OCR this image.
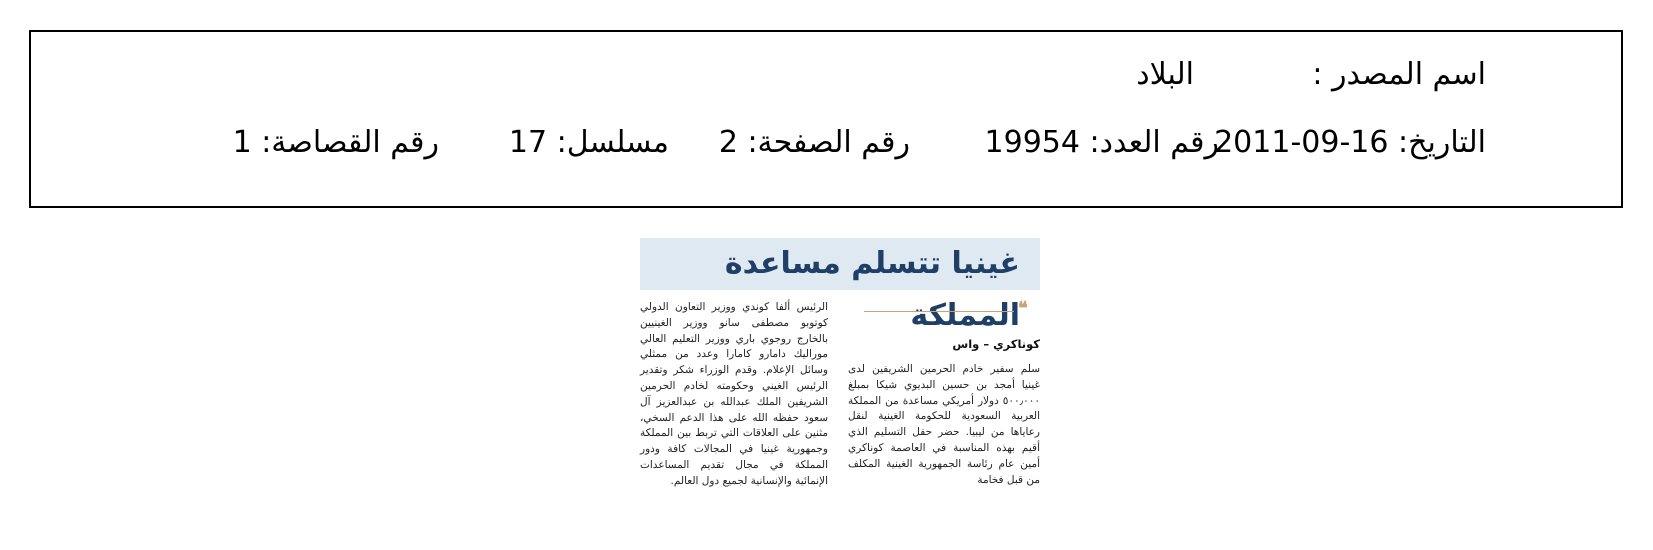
اسم المصدر :
البلاد
التاريخ: 16-09-2011
رقم العدد: 19954
رقم الصفحة: 2
مسلسل: 17
رقم القصاصة: 1
غينيا تتسلم مساعدة المملكة
❝
كوناكري – واس

سلم سفير خادم الحرمين الشريفين لدى غينيا أمجد بن حسين البديوي شيكا بمبلغ ٥٠٠٫٠٠٠ دولار أمريكي مساعدة من المملكة العربية السعودية للحكومة الغينية لنقل رعاياها من ليبيا. حضر حفل التسليم الذي أقيم بهذه المناسبة في العاصمة كوناكري أمين عام رئاسة الجمهورية الغينية المكلف من قبل فخامة

الرئيس ألفا كوندي ووزير التعاون الدولي كوتوبو مصطفى سانو ووزير الغينيين بالخارج روجوي باري ووزير التعليم العالي موراليك دامارو كامارا وعدد من ممثلي وسائل الإعلام. وقدم الوزراء شكر وتقدير الرئيس الغيني وحكومته لخادم الحرمين الشريفين الملك عبدالله بن عبدالعزيز آل سعود حفظه الله على هذا الدعم السخي، مثنين على العلاقات التي تربط بين المملكة وجمهورية غينيا في المجالات كافة ودور المملكة في مجال تقديم المساعدات الإنمائية والإنسانية لجميع دول العالم.
